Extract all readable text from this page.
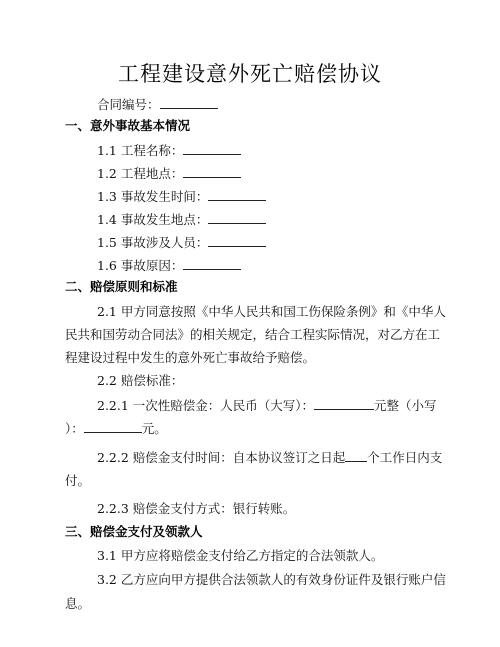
工程建设意外死亡赔偿协议
合同编号：
一、意外事故基本情况
1.1 工程名称：
1.2 工程地点：
1.3 事故发生时间：
1.4 事故发生地点：
1.5 事故涉及人员：
1.6 事故原因：
二、赔偿原则和标准
2.1 甲方同意按照《中华人民共和国工伤保险条例》和《中华人
民共和国劳动合同法》的相关规定，结合工程实际情况，对乙方在工
程建设过程中发生的意外死亡事故给予赔偿。
2.2 赔偿标准：
2.2.1 一次性赔偿金：人民币（大写）：	元整（小写
）：	元。
2.2.2 赔偿金支付时间：自本协议签订之日起 个工作日内支
付。
2.2.3 赔偿金支付方式：银行转账。
三、赔偿金支付及领款人
3.1 甲方应将赔偿金支付给乙方指定的合法领款人。
3.2 乙方应向甲方提供合法领款人的有效身份证件及银行账户信
息。
